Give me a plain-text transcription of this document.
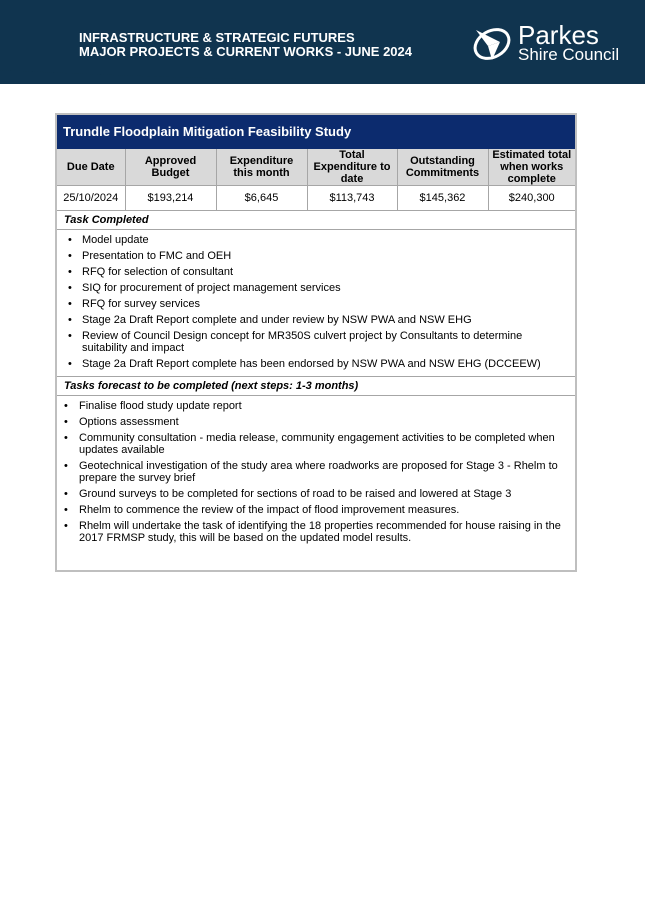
INFRASTRUCTURE & STRATEGIC FUTURES
MAJOR PROJECTS & CURRENT WORKS - JUNE 2024
Parkes
Shire Council
Trundle Floodplain Mitigation Feasibility Study
Due Date	Approved Budget	Expenditure this month	Total Expenditure to date	Outstanding Commitments	Estimated total when works complete
25/10/2024	$193,214	$6,645	$113,743	$145,362	$240,300
Task Completed
• Model update
• Presentation to FMC and OEH
• RFQ for selection of consultant
• SIQ for procurement of project management services
• RFQ for survey services
• Stage 2a Draft Report complete and under review by NSW PWA and NSW EHG
• Review of Council Design concept for MR350S culvert project by Consultants to determine suitability and impact
• Stage 2a Draft Report complete has been endorsed by NSW PWA and NSW EHG (DCCEEW)
Tasks forecast to be completed (next steps: 1-3 months)
• Finalise flood study update report
• Options assessment
• Community consultation - media release, community engagement activities to be completed when updates available
• Geotechnical investigation of the study area where roadworks are proposed for Stage 3 - Rhelm to prepare the survey brief
• Ground surveys to be completed for sections of road to be raised and lowered at Stage 3
• Rhelm to commence the review of the impact of flood improvement measures.
• Rhelm will undertake the task of identifying the 18 properties recommended for house raising in the 2017 FRMSP study, this will be based on the updated model results.
